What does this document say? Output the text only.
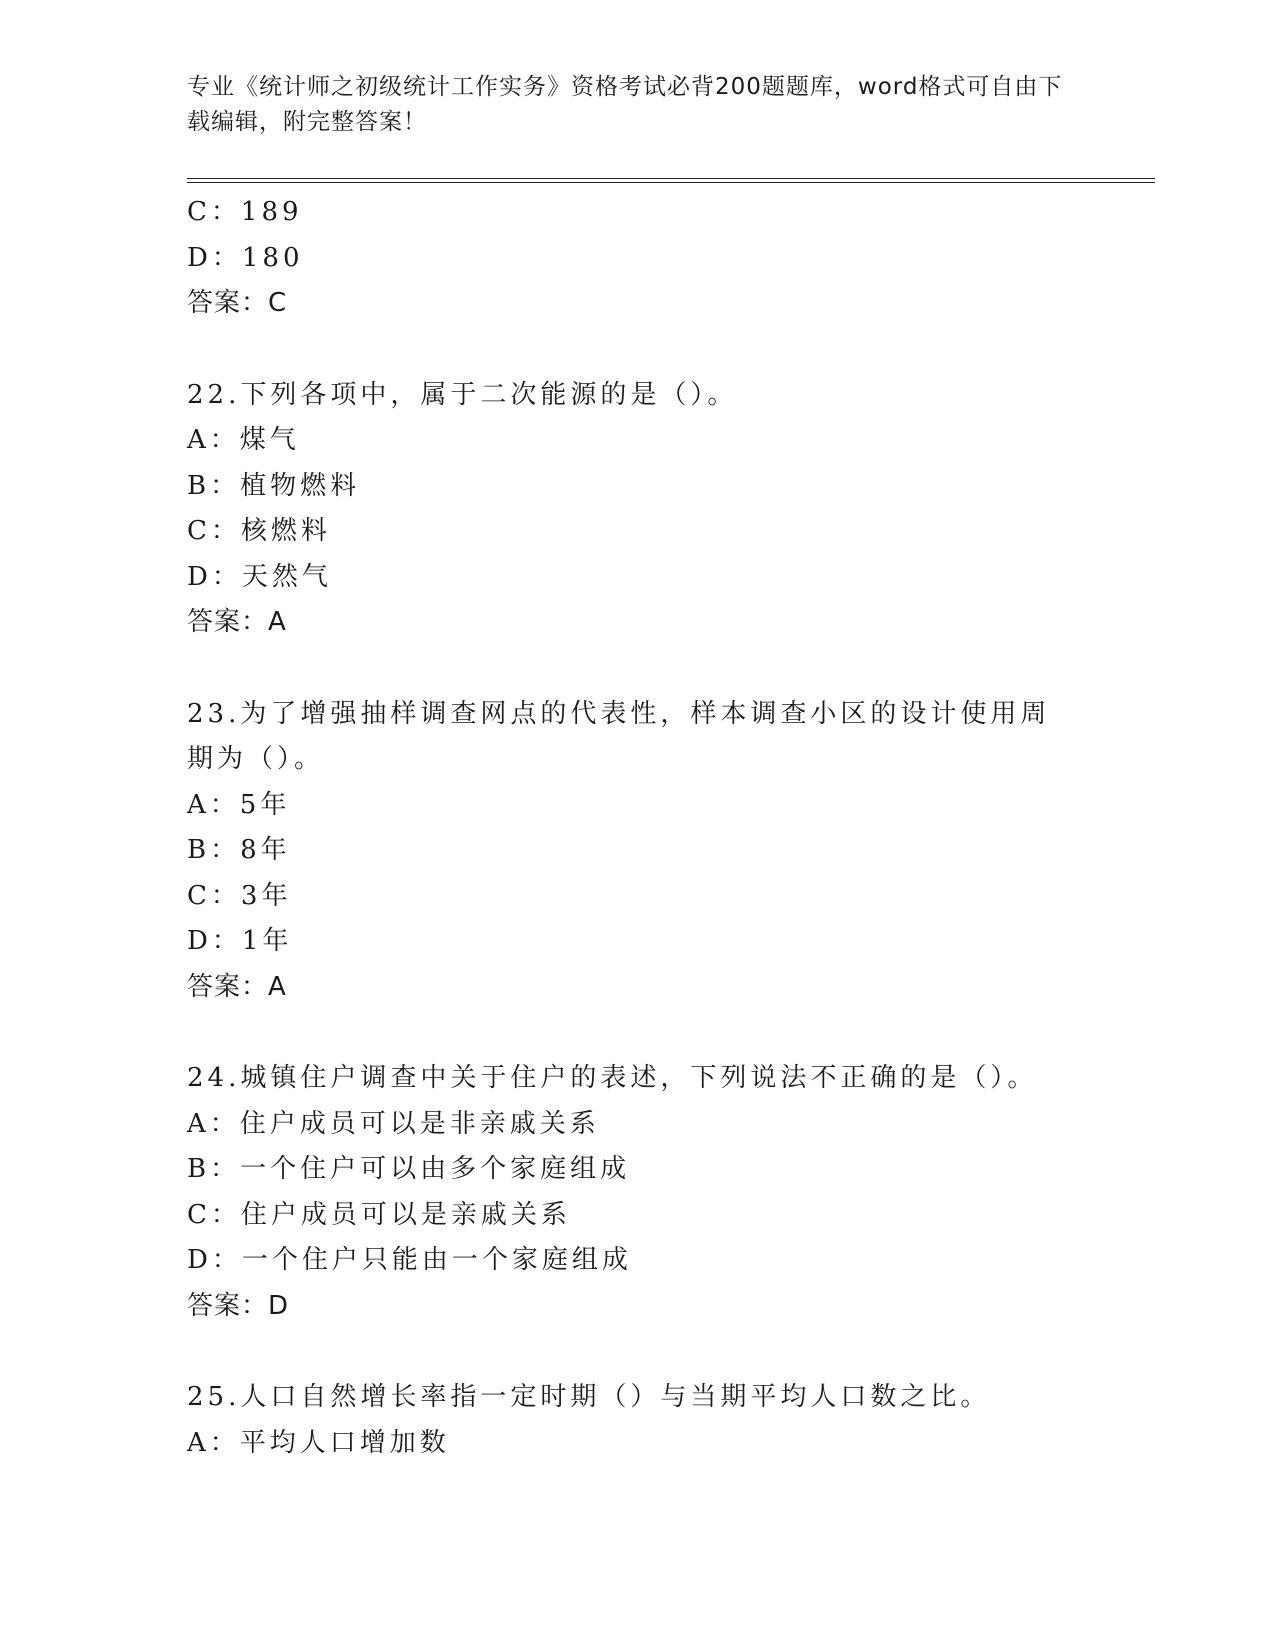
专业《统计师之初级统计工作实务》资格考试必背200题题库，word格式可自由下载编辑，附完整答案！
C：189
D：180
答案：C
22.下列各项中，属于二次能源的是（）。
A：煤气
B：植物燃料
C：核燃料
D：天然气
答案：A
23.为了增强抽样调查网点的代表性，样本调查小区的设计使用周期为（）。
A：5年
B：8年
C：3年
D：1年
答案：A
24.城镇住户调查中关于住户的表述，下列说法不正确的是（）。
A：住户成员可以是非亲戚关系
B：一个住户可以由多个家庭组成
C：住户成员可以是亲戚关系
D：一个住户只能由一个家庭组成
答案：D
25.人口自然增长率指一定时期（）与当期平均人口数之比。
A：平均人口增加数
